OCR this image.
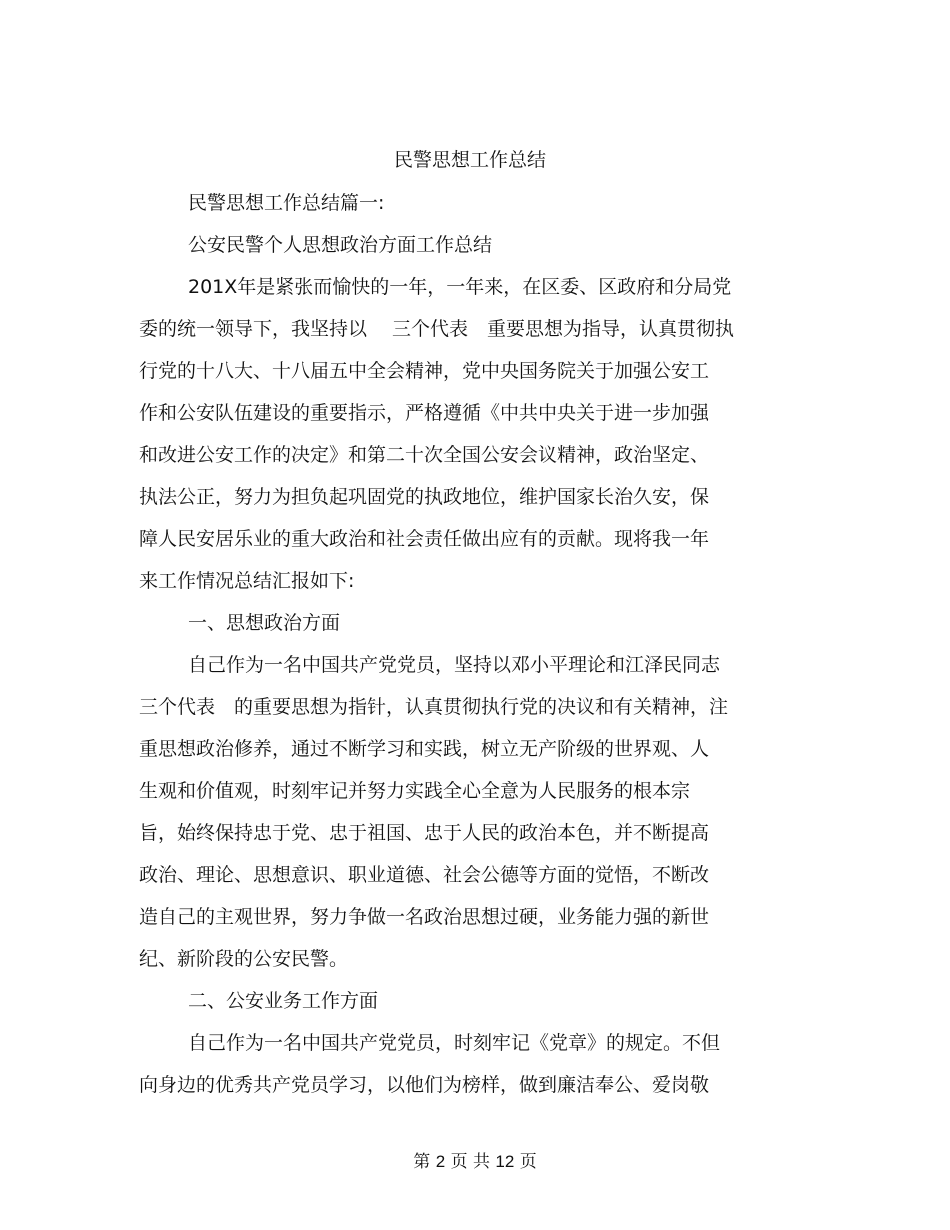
民警思想工作总结
民警思想工作总结篇一:
公安民警个人思想政治方面工作总结
201X年是紧张而愉快的一年，一年来，在区委、区政府和分局党
委的统一领导下，我坚持以　 三个代表　重要思想为指导，认真贯彻执
行党的十八大、十八届五中全会精神，党中央国务院关于加强公安工
作和公安队伍建设的重要指示，严格遵循《中共中央关于进一步加强
和改进公安工作的决定》和第二十次全国公安会议精神，政治坚定、
执法公正，努力为担负起巩固党的执政地位，维护国家长治久安，保
障人民安居乐业的重大政治和社会责任做出应有的贡献。现将我一年
来工作情况总结汇报如下:
一、思想政治方面
自己作为一名中国共产党党员，坚持以邓小平理论和江泽民同志
三个代表　的重要思想为指针，认真贯彻执行党的决议和有关精神，注
重思想政治修养，通过不断学习和实践，树立无产阶级的世界观、人
生观和价值观，时刻牢记并努力实践全心全意为人民服务的根本宗
旨，始终保持忠于党、忠于祖国、忠于人民的政治本色，并不断提高
政治、理论、思想意识、职业道德、社会公德等方面的觉悟，不断改
造自己的主观世界，努力争做一名政治思想过硬，业务能力强的新世
纪、新阶段的公安民警。
二、公安业务工作方面
自己作为一名中国共产党党员，时刻牢记《党章》的规定。不但
向身边的优秀共产党员学习，以他们为榜样，做到廉洁奉公、爱岗敬
第 2 页 共 12 页
